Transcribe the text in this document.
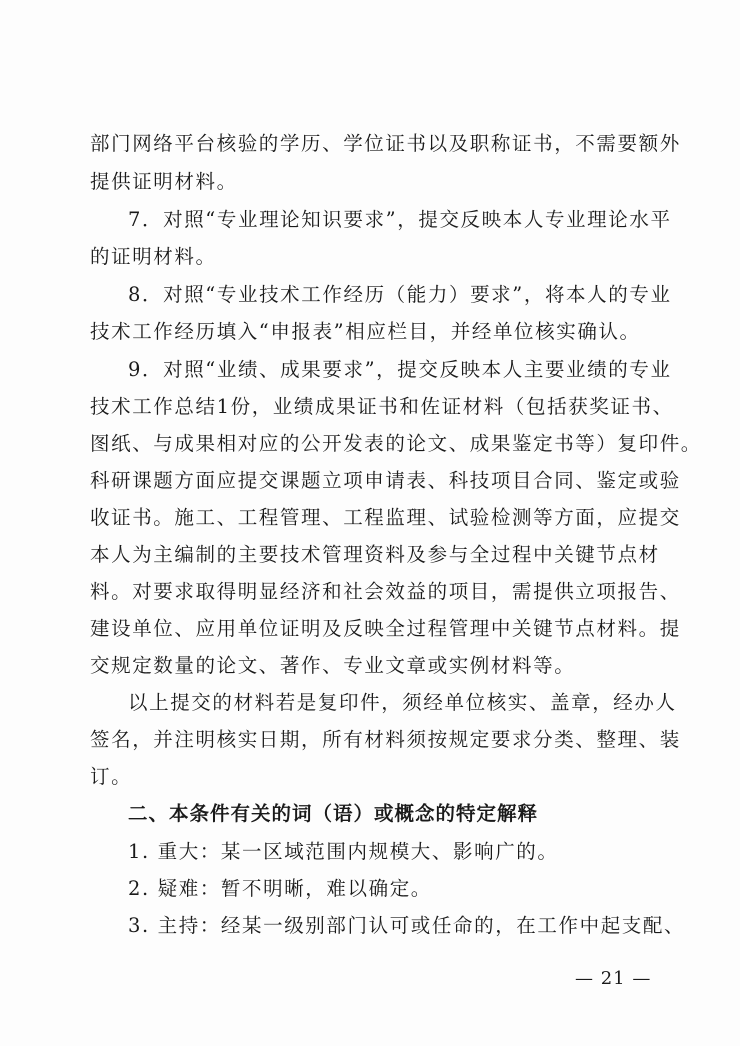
部门网络平台核验的学历、学位证书以及职称证书，不需要额外
提供证明材料。
7．对照“专业理论知识要求”，提交反映本人专业理论水平
的证明材料。
8．对照“专业技术工作经历（能力）要求”，将本人的专业
技术工作经历填入“申报表”相应栏目，并经单位核实确认。
9．对照“业绩、成果要求”，提交反映本人主要业绩的专业
技术工作总结1份，业绩成果证书和佐证材料（包括获奖证书、
图纸、与成果相对应的公开发表的论文、成果鉴定书等）复印件。
科研课题方面应提交课题立项申请表、科技项目合同、鉴定或验
收证书。施工、工程管理、工程监理、试验检测等方面，应提交
本人为主编制的主要技术管理资料及参与全过程中关键节点材
料。对要求取得明显经济和社会效益的项目，需提供立项报告、
建设单位、应用单位证明及反映全过程管理中关键节点材料。提
交规定数量的论文、著作、专业文章或实例材料等。
以上提交的材料若是复印件，须经单位核实、盖章，经办人
签名，并注明核实日期，所有材料须按规定要求分类、整理、装
订。
二、本条件有关的词（语）或概念的特定解释
1. 重大：某一区域范围内规模大、影响广的。
2. 疑难：暂不明晰，难以确定。
3. 主持：经某一级别部门认可或任命的，在工作中起支配、
— 21 —
